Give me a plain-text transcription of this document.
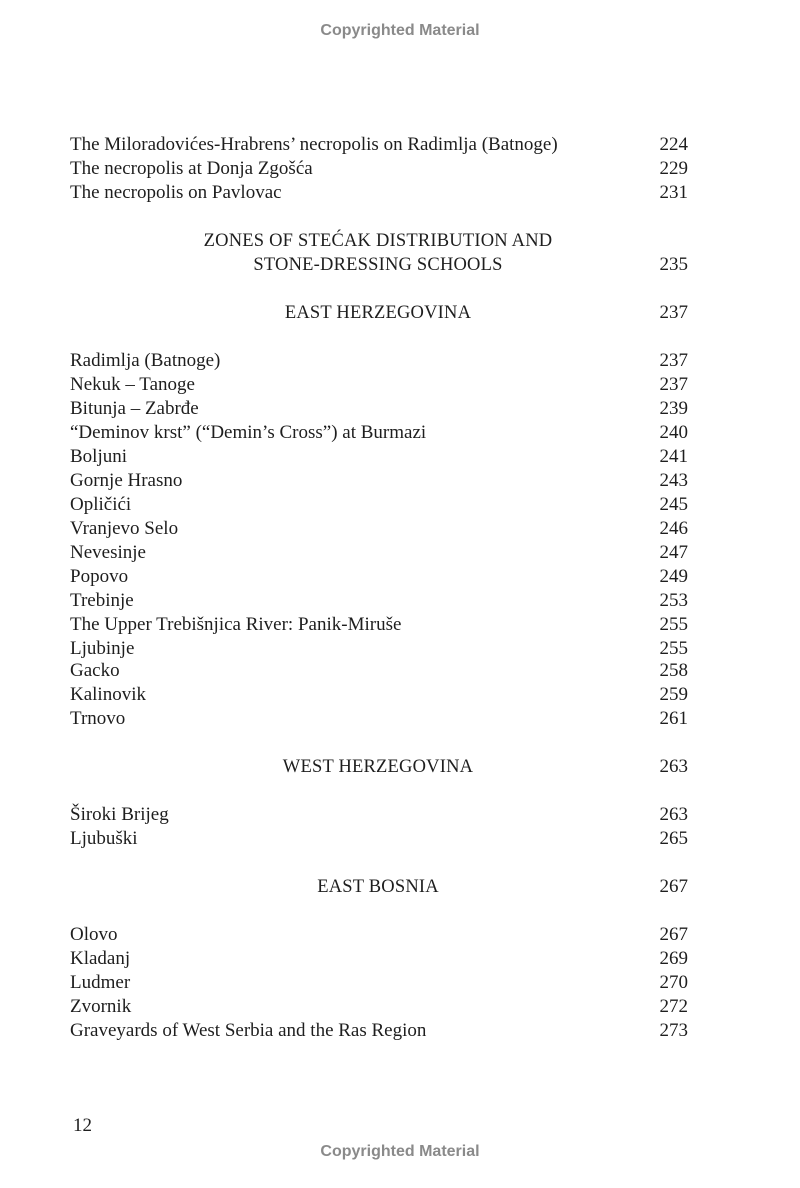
Copyrighted Material
The Miloradovićes-Hrabrens’ necropolis on Radimlja (Batnoge)	224
The necropolis at Donja Zgošća	229
The necropolis on Pavlovac	231
ZONES OF STEĆAK DISTRIBUTION AND
STONE-DRESSING SCHOOLS	235
EAST HERZEGOVINA	237
Radimlja (Batnoge)	237
Nekuk – Tanoge	237
Bitunja – Zabrđe	239
“Deminov krst” (“Demin’s Cross”) at Burmazi	240
Boljuni	241
Gornje Hrasno	243
Opličići	245
Vranjevo Selo	246
Nevesinje	247
Popovo	249
Trebinje	253
The Upper Trebišnjica River: Panik-Miruše	255
Ljubinje	255
Gacko	258
Kalinovik	259
Trnovo	261
WEST HERZEGOVINA	263
Široki Brijeg	263
Ljubuški	265
EAST BOSNIA	267
Olovo	267
Kladanj	269
Ludmer	270
Zvornik	272
Graveyards of West Serbia and the Ras Region	273
12
Copyrighted Material
